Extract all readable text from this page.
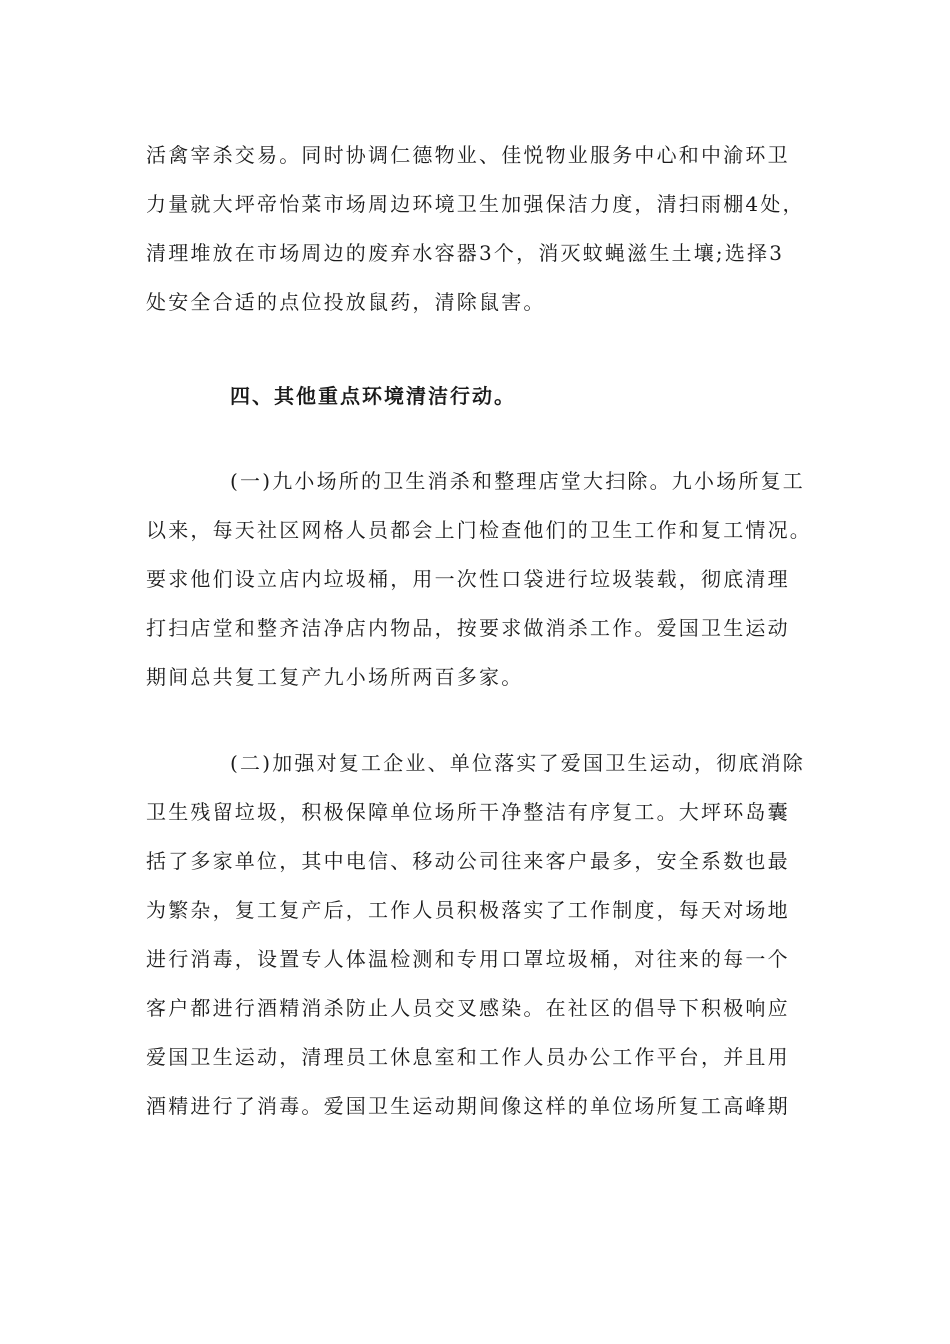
活禽宰杀交易。同时协调仁德物业、佳悦物业服务中心和中渝环卫
力量就大坪帝怡菜市场周边环境卫生加强保洁力度，清扫雨棚4处，
清理堆放在市场周边的废弃水容器3个，消灭蚊蝇滋生土壤;选择3
处安全合适的点位投放鼠药，清除鼠害。
四、其他重点环境清洁行动。
(一)九小场所的卫生消杀和整理店堂大扫除。九小场所复工
以来，每天社区网格人员都会上门检查他们的卫生工作和复工情况。
要求他们设立店内垃圾桶，用一次性口袋进行垃圾装载，彻底清理
打扫店堂和整齐洁净店内物品，按要求做消杀工作。爱国卫生运动
期间总共复工复产九小场所两百多家。
(二)加强对复工企业、单位落实了爱国卫生运动，彻底消除
卫生残留垃圾，积极保障单位场所干净整洁有序复工。大坪环岛囊
括了多家单位，其中电信、移动公司往来客户最多，安全系数也最
为繁杂，复工复产后，工作人员积极落实了工作制度，每天对场地
进行消毒，设置专人体温检测和专用口罩垃圾桶，对往来的每一个
客户都进行酒精消杀防止人员交叉感染。在社区的倡导下积极响应
爱国卫生运动，清理员工休息室和工作人员办公工作平台，并且用
酒精进行了消毒。爱国卫生运动期间像这样的单位场所复工高峰期
